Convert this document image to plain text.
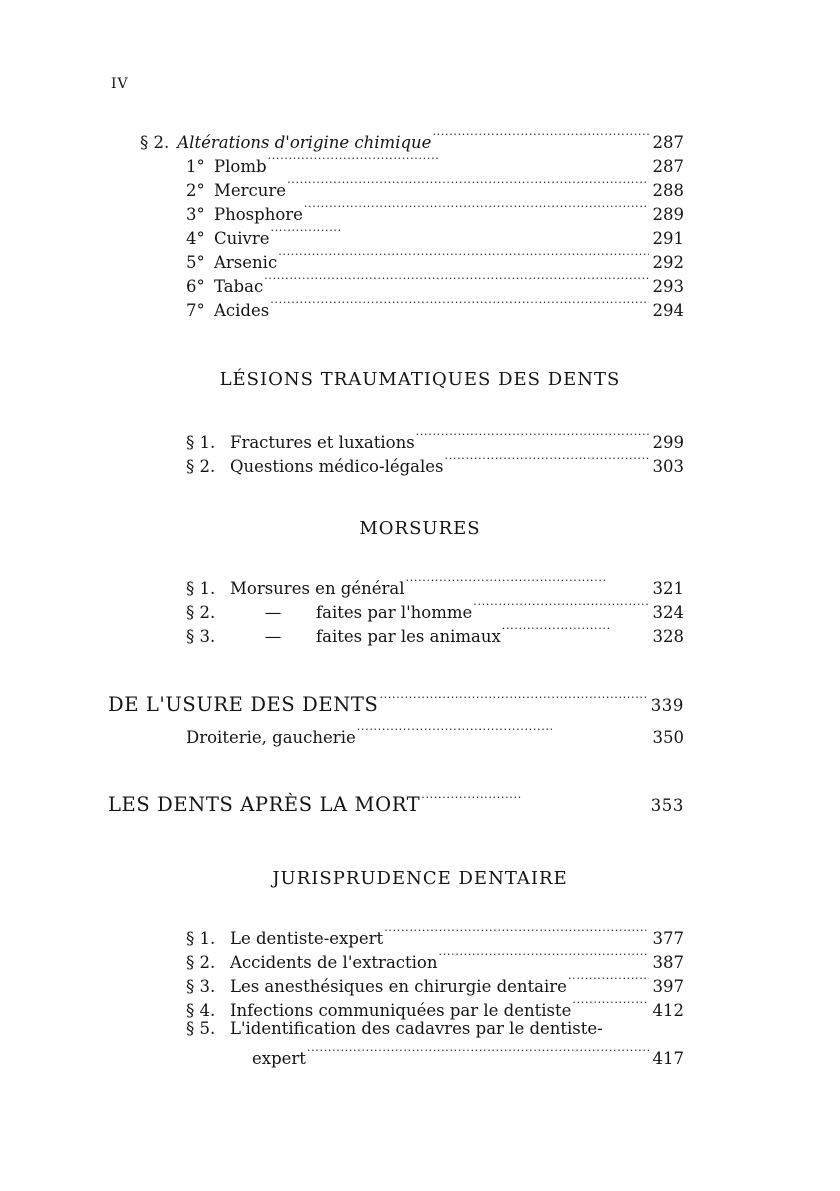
IV
§ 2. Altérations d'origine chimique . . .	287
1° Plomb . . .	287
2° Mercure . . .	288
3° Phosphore . . .	289
4° Cuivre . . .	291
5° Arsenic . . .	292
6° Tabac . . .	293
7° Acides . . .	294
LÉSIONS TRAUMATIQUES DES DENTS
§ 1. Fractures et luxations . . .	299
§ 2. Questions médico-légales . . .	303
MORSURES
§ 1. Morsures en général . . .	321
§ 2.	—	faites par l'homme . . .	324
§ 3.	—	faites par les animaux . . .	328
DE L'USURE DES DENTS . . .	339
Droiterie, gaucherie . . .	350
LES DENTS APRÈS LA MORT . . .	353
JURISPRUDENCE DENTAIRE
§ 1. Le dentiste-expert . . .	377
§ 2. Accidents de l'extraction . . .	387
§ 3. Les anesthésiques en chirurgie dentaire . . .	397
§ 4. Infections communiquées par le dentiste . . .	412
§ 5. L'identification des cadavres par le dentiste-
expert . . .	417
